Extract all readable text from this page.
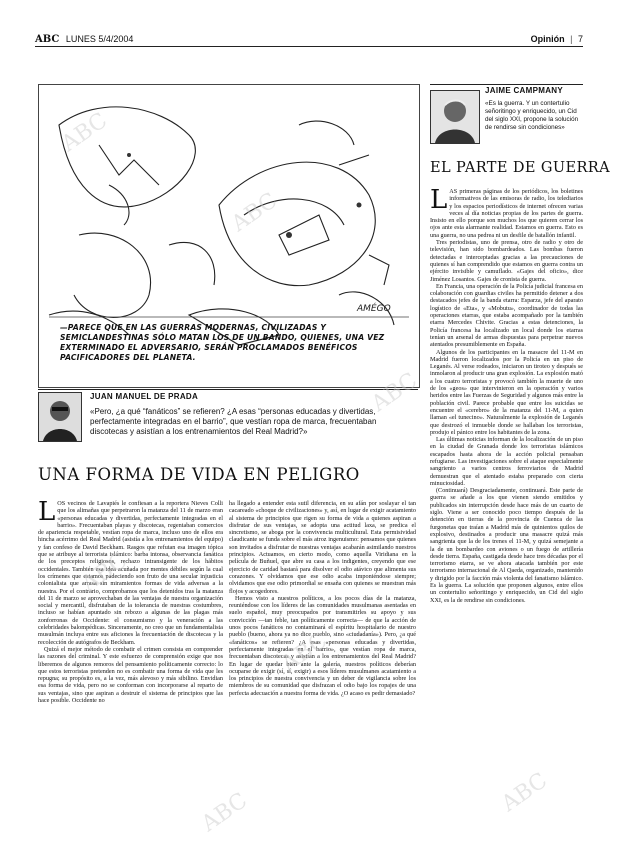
ABC LUNES 5/4/2004	Opinión | 7
AMÉGO
—PARECE QUE EN LAS GUERRAS MODERNAS, CIVILIZADAS Y SEMICLANDESTINAS SÓLO MATAN LOS DE UN BANDO, QUIENES, UNA VEZ EXTERMINADO EL ADVERSARIO, SERÁN PROCLAMADOS BENÉFICOS PACIFICADORES DEL PLANETA.
JUAN MANUEL DE PRADA
«Pero, ¿a qué “fanáticos” se refieren? ¿A esas “personas educadas y divertidas, perfectamente integradas en el barrio”, que vestían ropa de marca, frecuentaban discotecas y asistían a los entrenamientos del Real Madrid?»
UNA FORMA DE VIDA EN PELIGRO
L OS vecinos de Lavapiés le confiesan a la reportera Nieves Colli que los alimañas que perpetraron la matanza del 11 de marzo eran «personas educadas y divertidas, perfectamente integradas en el barrio». Frecuentaban playas y discotecas, regentaban comercios de apariencia respetable, vestían ropa de marca, incluso uno de ellos era hincha acérrimo del Real Madrid (asistía a los entrenamientos del equipo) y fan confeso de David Beckham. Rasgos que refutan esa imagen tópica que se atribuye al terrorista islámico: barba intonsa, observancia fanática de los preceptos religiosos, rechazo intransigente de los hábitos occidentales. También esa idea acuñada por mentes débiles según la cual los crímenes que estamos padeciendo son fruto de una secular injusticia colonialista que arrasa sin miramientos formas de vida adversas a la nuestra. Por el contrario, comprobamos que los detenidos tras la matanza del 11 de marzo se aprovechaban de las ventajas de nuestra organización social y mercantil, disfrutaban de la tolerancia de nuestras costumbres, incluso se habían apuntado sin rebozo a algunas de las plagas más zonforronas de Occidente: el consumismo y la veneración a las celebridades balompédicas. Sinceramente, no creo que un fundamentalista musulmán incluya entre sus aficiones la frecuentación de discotecas y la recolección de autógrafos de Beckham.

Quizá el mejor método de combatir el crimen consista en comprender las razones del criminal. Y este esfuerzo de comprensión exige que nos liberemos de algunos remoros del pensamiento políticamente correcto: lo que estos terroristas pretenden no es combatir una forma de vida que les repugna; su propósito es, a la vez, más alevoso y más sibilino. Envidian esa forma de vida, pero no se conforman con incorporarse al reparto de sus ventajas, sino que aspiran a destruir el sistema de principios que las hace posible. Occidente no

ha llegado a entender esta sutil diferencia, en su afán por soslayar el tan cacareado «choque de civilizaciones» y, así, en lugar de exigir acatamiento al sistema de principios que rigen su forma de vida a quienes aspiran a disfrutar de sus ventajas, se adopta una actitud laxa, se predica el sincretismo, se aboga por la convivencia multicultural. Esta permisividad claudicante se funda sobre el más atroz ingenuismo: pensamos que quienes son invitados a disfrutar de nuestras ventajas acabarán asimilando nuestros principios. Actuamos, en cierto modo, como aquella Viridiana en la película de Buñuel, que abre su casa a los indigentes, creyendo que ese ejercicio de caridad bastará para disolver el odio atávico que alimenta sus corazones. Y olvidamos que ese odio acaba imponiéndose siempre; olvidamos que ese odio primordial se ensaña con quienes se muestran más flojos y acogedores.

Hemos visto a nuestros políticos, a los pocos días de la matanza, reuniéndose con los líderes de las comunidades musulmanas asentadas en suelo español, muy preocupados por transmitirles su apoyo y sus convicción —tan feble, tan políticamente correcta— de que la acción de unos pocos fanáticos no contaminará el espíritu hospitalario de nuestro pueblo (bueno, ahora ya no dice pueblo, sino «ciudadanía»). Pero, ¿a qué «fanáticos» se refieren? ¿A esas «personas educadas y divertidas, perfectamente integradas en el barrio», que vestían ropa de marca, frecuentaban discotecas y asistían a los entrenamientos del Real Madrid? En lugar de quedar bien ante la galería, nuestros políticos deberían ocuparse de exigir (sí, sí, exigir) a esos líderes musulmanes acatamiento a los principios de nuestra convivencia y un deber de vigilancia sobre los miembros de su comunidad que disfrazan el odio bajo los ropajes de una perfecta adecuación a nuestra forma de vida. ¿O acaso es pedir demasiado?

JAIME CAMPMANY
«Es la guerra. Y un contertulio señoritingo y enriquecido, un Cid del siglo XXI, propone la solución de rendirse sin condiciones»
EL PARTE DE GUERRA
L AS primeras páginas de los periódicos, los boletines informativos de las emisoras de radio, los telediarios y los espacios periodísticos de internet ofrecen varias veces al día noticias propias de los partes de guerra. Insisto en ello porque son muchos los que quieren cerrar los ojos ante esta alarmante realidad. Estamos en guerra. Esto es una guerra, no una pedrea ni un desfile de batallón infantil.

Tres periodistas, uno de prensa, otro de radio y otro de televisión, han sido bombardeados. Las bombas fueron detectadas e interceptadas gracias a las precauciones de quienes sí han comprendido que estamos en guerra contra un ejército invisible y camuflado. «Gajes del oficio», dice Jiménez Losantos. Gajes de cronista de guerra.

En Francia, una operación de la Policía judicial francesa en colaboración con guardias civiles ha permitido detener a dos destacados jefes de la banda etarra: Esparza, jefe del aparato logístico de «Eta», y «Mobutu», coordinador de todas las operaciones etarras, que estaba acompañado por la también etarra Mercedes Chivite. Gracias a estas detenciones, la Policía francesa ha localizado un local donde los etarras tenían un arsenal de armas dispuestas para perpetrar nuevos atentados presumiblemente en España.

Algunos de los participantes en la masacre del 11-M en Madrid fueron localizados por la Policía en un piso de Leganés. Al verse rodeados, iniciaron un tiroteo y después se inmolaron al producir una gran explosión. La explosión mató a los cuatro terroristas y provocó también la muerte de uno de los «geos» que intervinieron en la operación y varios heridos entre las Fuerzas de Seguridad y algunos más entre la población civil. Parece probable que entre los suicidas se encuentre el «cerebro» de la matanza del 11-M, a quien llaman «el tunecino». Naturalmente la explosión de Leganés que destrozó el inmueble donde se hallaban los terroristas, produjo el pánico entre los habitantes de la zona.

Las últimas noticias informan de la localización de un piso en la ciudad de Granada donde los terroristas islámicos escapados hasta ahora de la acción policial pensaban refugiarse. Las investigaciones sobre el ataque especialmente sangriento a varios centros ferroviarios de Madrid demuestran que el atentado estaba preparado con cierta minuciosidad.

(Continuará) Desgraciadamente, continuará. Este parte de guerra se añade a los que vienen siendo emitidos y publicados sin interrupción desde hace más de un cuarto de siglo. Viene a ser conocido poco tiempo después de la detención en tierras de la provincia de Cuenca de las furgonetas que traían a Madrid más de quinientos quilos de explosivo, destinados a producir una masacre quizá más sangrienta que la de los trenes el 11-M, y quizá semejante a la de un bombardeo con aviones o un fuego de artillería desde tierra. España, castigada desde hace tres décadas por el terrorismo etarra, se ve ahora atacada también por este terrorismo internacional de Al Qaeda, organizado, mantenido y dirigido por la facción más violenta del fanatismo islámico. Es la guerra. La solución que proponen algunos, entre ellos un contertulio señoritingo y enriquecido, un Cid del siglo XXI, es la de rendirse sin condiciones.

ABC
ABC
ABC
ABC
ABC
ABC	ABC
